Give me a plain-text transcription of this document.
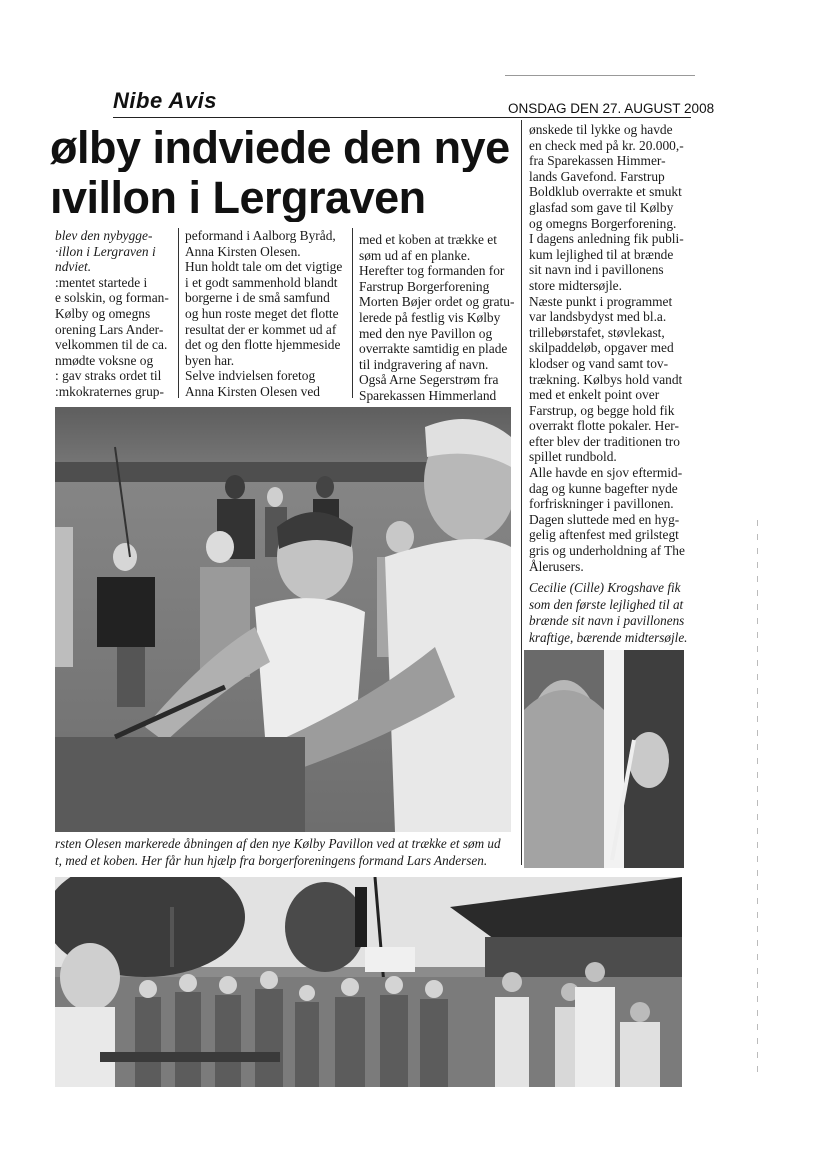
Nibe Avis	ONSDAG DEN 27. AUGUST 2008
ølby indviede den nye
ıvillon i Lergraven
blev den nybygge-
·illon i Lergraven i
ndviet.
:mentet startede i
e solskin, og forman-
Kølby og omegns
orening Lars Ander-
velkommen til de ca.
nmødte voksne og
: gav straks ordet til
:mkokraternes grup-
peformand i Aalborg Byråd,
Anna Kirsten Olesen.
Hun holdt tale om det vigtige
i et godt sammenhold blandt
borgerne i de små samfund
og hun roste meget det flotte
resultat der er kommet ud af
det og den flotte hjemmeside
byen har.
Selve indvielsen foretog
Anna Kirsten Olesen ved
med et koben at trække et
søm ud af en planke.
Herefter tog formanden for
Farstrup Borgerforening
Morten Bøjer ordet og gratu-
lerede på festlig vis Kølby
med den nye Pavillon og
overrakte samtidig en plade
til indgravering af navn.
Også Arne Segerstrøm fra
Sparekassen Himmerland
ønskede til lykke og havde
en check med på kr. 20.000,-
fra Sparekassen Himmer-
lands Gavefond. Farstrup
Boldklub overrakte et smukt
glasfad som gave til Kølby
og omegns Borgerforening.
I dagens anledning fik publi-
kum lejlighed til at brænde
sit navn ind i pavillonens
store midtersøjle.
Næste punkt i programmet
var landsbydyst med bl.a.
trillebørstafet, støvlekast,
skilpaddeløb, opgaver med
klodser og vand samt tov-
trækning. Kølbys hold vandt
med et enkelt point over
Farstrup, og begge hold fik
overrakt flotte pokaler. Her-
efter blev der traditionen tro
spillet rundbold.
Alle havde en sjov eftermid-
dag og kunne bagefter nyde
forfriskninger i pavillonen.
Dagen sluttede med en hyg-
gelig aftenfest med grilstegt
gris og underholdning af The
Ålerusers.
Cecilie (Cille) Krogshave fik
som den første lejlighed til at
brænde sit navn i pavillonens
kraftige, bærende midtersøjle.
rsten Olesen markerede åbningen af den nye Kølby Pavillon ved at trække et søm ud
t, med et koben. Her får hun hjælp fra borgerforeningens formand Lars Andersen.
